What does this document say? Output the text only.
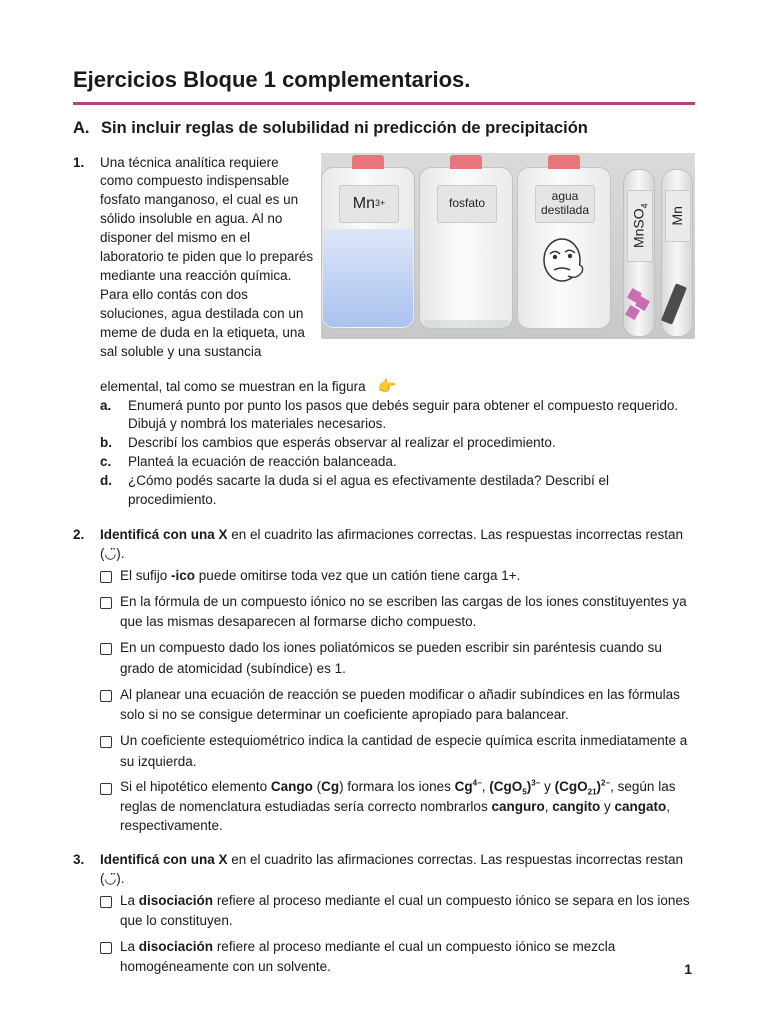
Ejercicios Bloque 1 complementarios.
A. Sin incluir reglas de solubilidad ni predicción de precipitación
1. Una técnica analítica requiere como compuesto indispensable fosfato manganoso, el cual es un sólido insoluble en agua. Al no disponer del mismo en el laboratorio te piden que lo preparés mediante una reacción química. Para ello contás con dos soluciones, agua destilada con un meme de duda en la etiqueta, una sal soluble y una sustancia
elemental, tal como se muestran en la figura 👉
Mn 3+	fosfato	agua destilada	MnSO$_4$
Mn
a. Enumerá punto por punto los pasos que debés seguir para obtener el compuesto requerido. Dibujá y nombrá los materiales necesarios.
b. Describí los cambios que esperás observar al realizar el procedimiento.
c. Planteá la ecuación de reacción balanceada.
d. ¿Cómo podés sacarte la duda si el agua es efectivamente destilada? Describí el procedimiento.
2. Identificá con una X en el cuadrito las afirmaciones correctas. Las respuestas incorrectas restan (◡̈).
El sufijo -ico puede omitirse toda vez que un catión tiene carga 1+.
En la fórmula de un compuesto iónico no se escriben las cargas de los iones constituyentes ya que las mismas desaparecen al formarse dicho compuesto.
En un compuesto dado los iones poliatómicos se pueden escribir sin paréntesis cuando su grado de atomicidad (subíndice) es 1.
Al planear una ecuación de reacción se pueden modificar o añadir subíndices en las fórmulas solo si no se consigue determinar un coeficiente apropiado para balancear.
Un coeficiente estequiométrico indica la cantidad de especie química escrita inmediatamente a su izquierda.
Si el hipotético elemento Cango (Cg) formara los iones $Cg^{4-}$, $(CgO_5)^{3-}$ y $(CgO_{21})^{2-}$, según las reglas de nomenclatura estudiadas sería correcto nombrarlos canguro, cangito y cangato, respectivamente.
3. Identificá con una X en el cuadrito las afirmaciones correctas. Las respuestas incorrectas restan (◡̈).
La disociación refiere al proceso mediante el cual un compuesto iónico se separa en los iones que lo constituyen.
La disociación refiere al proceso mediante el cual un compuesto iónico se mezcla homogéneamente con un solvente.	1
